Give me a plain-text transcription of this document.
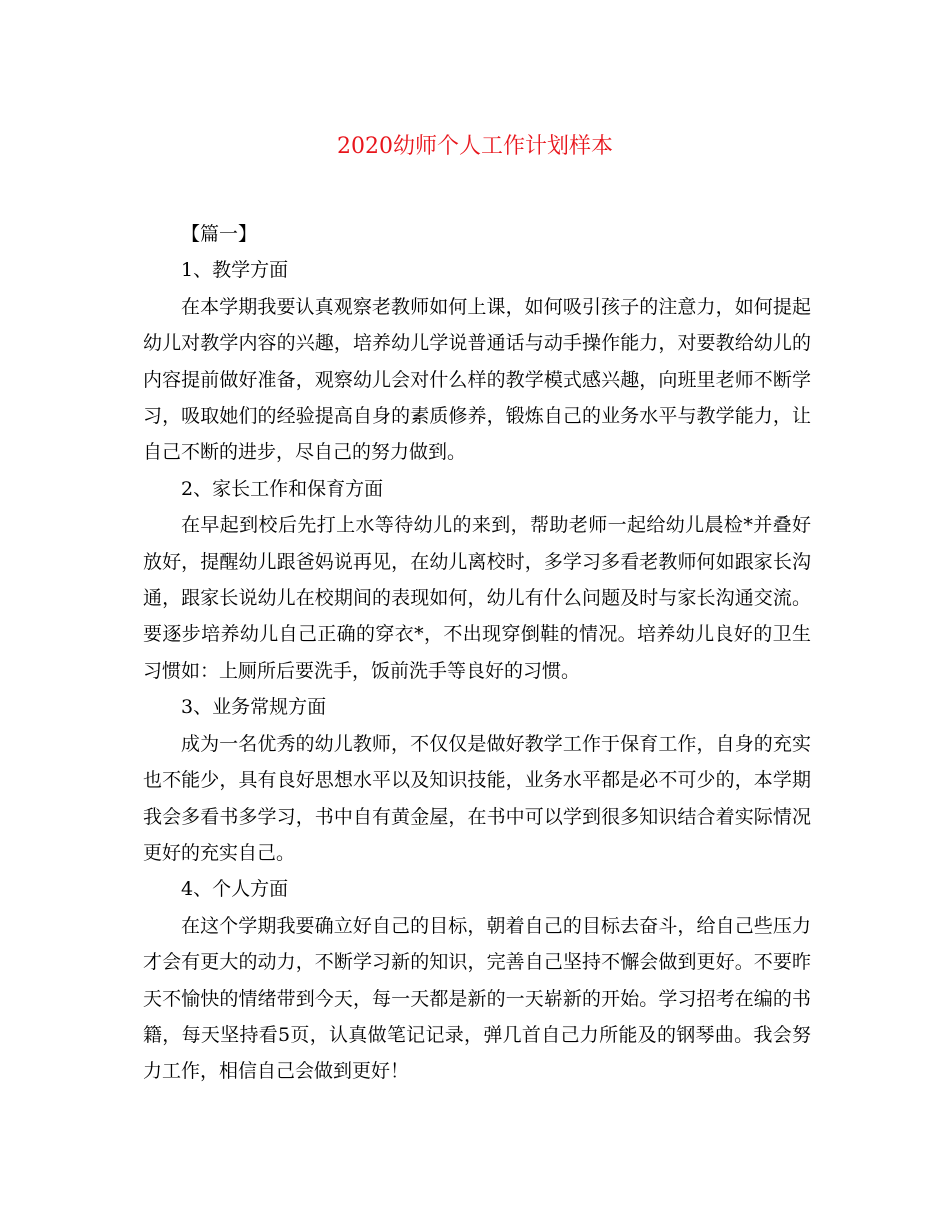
2020幼师个人工作计划样本

【篇一】

1、教学方面

在本学期我要认真观察老教师如何上课，如何吸引孩子的注意力，如何提起幼儿对教学内容的兴趣，培养幼儿学说普通话与动手操作能力，对要教给幼儿的内容提前做好准备，观察幼儿会对什么样的教学模式感兴趣，向班里老师不断学习，吸取她们的经验提高自身的素质修养，锻炼自己的业务水平与教学能力，让自己不断的进步，尽自己的努力做到。

2、家长工作和保育方面

在早起到校后先打上水等待幼儿的来到，帮助老师一起给幼儿晨检*并叠好放好，提醒幼儿跟爸妈说再见，在幼儿离校时，多学习多看老教师何如跟家长沟通，跟家长说幼儿在校期间的表现如何，幼儿有什么问题及时与家长沟通交流。要逐步培养幼儿自己正确的穿衣*，不出现穿倒鞋的情况。培养幼儿良好的卫生习惯如：上厕所后要洗手，饭前洗手等良好的习惯。

3、业务常规方面

成为一名优秀的幼儿教师，不仅仅是做好教学工作于保育工作，自身的充实也不能少，具有良好思想水平以及知识技能，业务水平都是必不可少的，本学期我会多看书多学习，书中自有黄金屋，在书中可以学到很多知识结合着实际情况更好的充实自己。

4、个人方面

在这个学期我要确立好自己的目标，朝着自己的目标去奋斗，给自己些压力才会有更大的动力，不断学习新的知识，完善自己坚持不懈会做到更好。不要昨天不愉快的情绪带到今天，每一天都是新的一天崭新的开始。学习招考在编的书籍，每天坚持看5页，认真做笔记记录，弹几首自己力所能及的钢琴曲。我会努力工作，相信自己会做到更好！
